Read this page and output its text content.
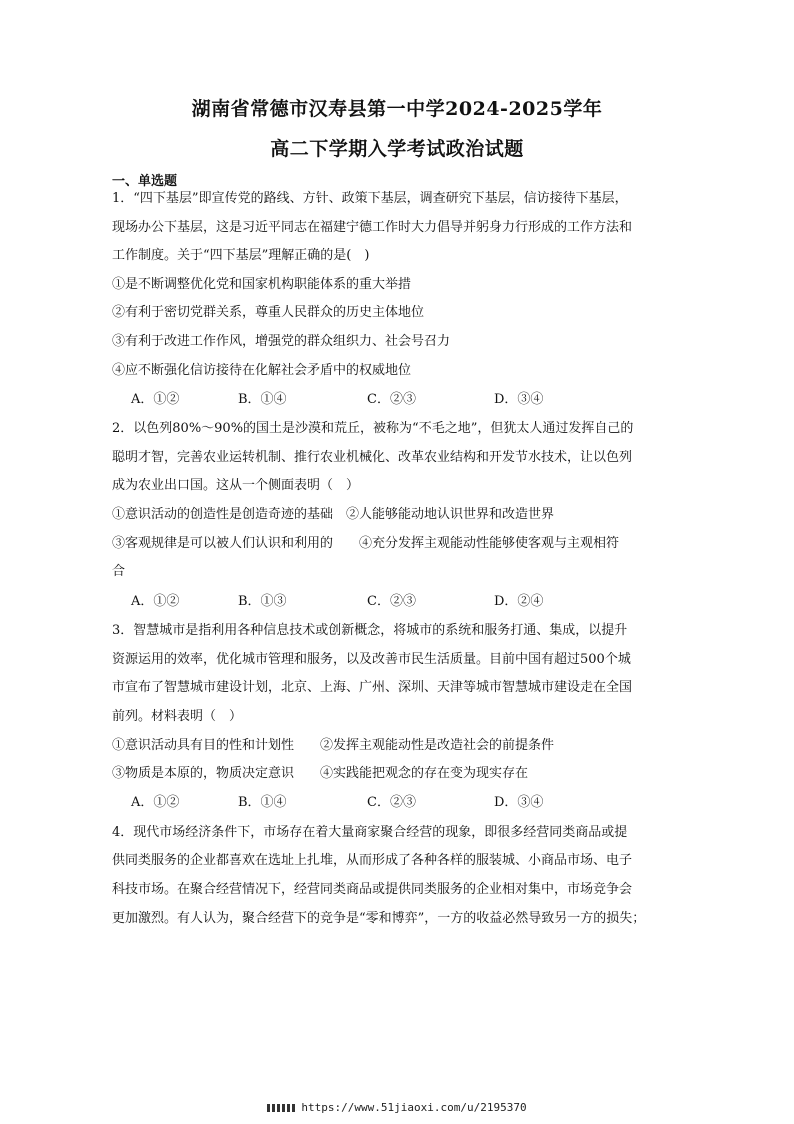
湖南省常德市汉寿县第一中学2024-2025学年
高二下学期入学考试政治试题
一、单选题
1．“四下基层”即宣传党的路线、方针、政策下基层，调查研究下基层，信访接待下基层，
现场办公下基层，这是习近平同志在福建宁德工作时大力倡导并躬身力行形成的工作方法和
工作制度。关于“四下基层”理解正确的是(　)
①是不断调整优化党和国家机构职能体系的重大举措
②有利于密切党群关系，尊重人民群众的历史主体地位
③有利于改进工作作风，增强党的群众组织力、社会号召力
④应不断强化信访接待在化解社会矛盾中的权威地位
A．①②	B．①④	C．②③	D．③④
2．以色列80%～90%的国土是沙漠和荒丘，被称为“不毛之地”，但犹太人通过发挥自己的
聪明才智，完善农业运转机制、推行农业机械化、改革农业结构和开发节水技术，让以色列
成为农业出口国。这从一个侧面表明（　）
①意识活动的创造性是创造奇迹的基础　②人能够能动地认识世界和改造世界
③客观规律是可以被人们认识和利用的　　④充分发挥主观能动性能够使客观与主观相符
合
A．①②	B．①③	C．②③	D．②④
3．智慧城市是指利用各种信息技术或创新概念，将城市的系统和服务打通、集成，以提升
资源运用的效率，优化城市管理和服务，以及改善市民生活质量。目前中国有超过500个城
市宣布了智慧城市建设计划，北京、上海、广州、深圳、天津等城市智慧城市建设走在全国
前列。材料表明（　）
①意识活动具有目的性和计划性　　②发挥主观能动性是改造社会的前提条件
③物质是本原的，物质决定意识　　④实践能把观念的存在变为现实存在
A．①②	B．①④	C．②③	D．③④
4．现代市场经济条件下，市场存在着大量商家聚合经营的现象，即很多经营同类商品或提
供同类服务的企业都喜欢在选址上扎堆，从而形成了各种各样的服装城、小商品市场、电子
科技市场。在聚合经营情况下，经营同类商品或提供同类服务的企业相对集中，市场竞争会
更加激烈。有人认为，聚合经营下的竞争是“零和博弈”，一方的收益必然导致另一方的损失；
https://www.51jiaoxi.com/u/2195370
